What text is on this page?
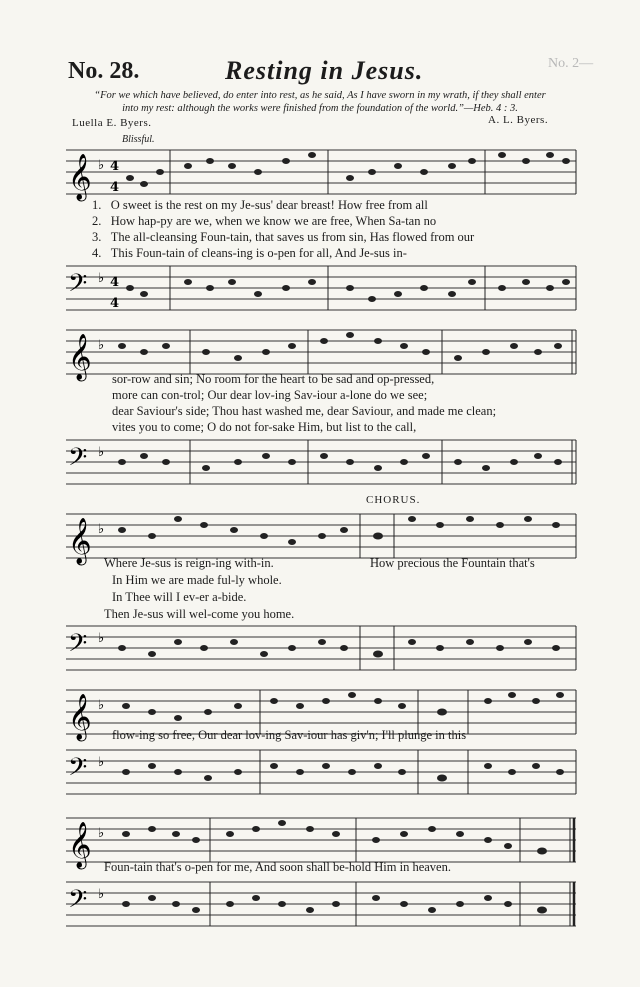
No. 28.	Resting in Jesus.	No. 2—
“For we which have believed, do enter into rest, as he said, As I have sworn in my wrath, if they shall enter into my rest: although the works were finished from the foundation of the world.”—Heb. 4 : 3.
Luella E. Byers.	A. L. Byers.
Blissful.
𝄞 ♭ 4
4
1. O sweet is the rest on my Je-sus' dear breast! How free from all
2. How hap-py are we, when we know we are free, When Sa-tan no
3. The all-cleansing Foun-tain, that saves us from sin, Has flowed from our
4. This Foun-tain of cleans-ing is o-pen for all, And Je-sus in-
𝄢 ♭ 4
4
𝄞 ♭
sor-row and sin; No room for the heart to be sad and op-pressed,
more can con-trol; Our dear lov-ing Sav-iour a-lone do we see;
dear Saviour's side; Thou hast washed me, dear Saviour, and made me clean;
vites you to come; O do not for-sake Him, but list to the call,
𝄢 ♭
CHORUS.
𝄞 ♭
Where Je-sus is reign-ing with-in.	How precious the Fountain that's
In Him we are made ful-ly whole.
In Thee will I ev-er a-bide.
Then Je-sus will wel-come you home.
𝄢 ♭
𝄞 ♭
flow-ing so free, Our dear lov-ing Sav-iour has giv'n; I'll plunge in this
𝄢 ♭
𝄞 ♭
Foun-tain that's o-pen for me, And soon shall be-hold Him in heaven.
𝄢 ♭
